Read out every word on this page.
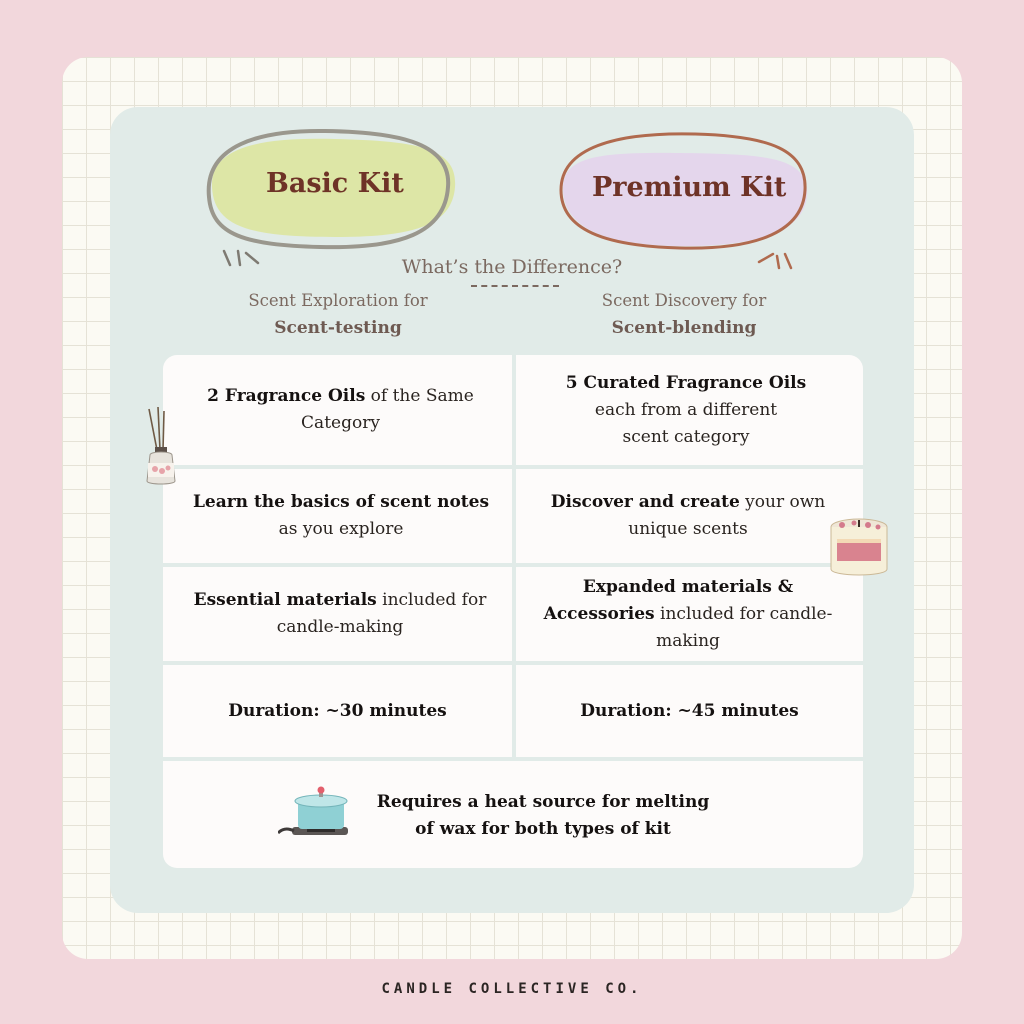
Basic Kit	Premium Kit
What’s the Difference?
Scent Exploration for
Scent-testing
Scent Discovery for
Scent-blending
2 Fragrance Oils of the Same Category
5 Curated Fragrance Oils
each from a different scent category
Learn the basics of scent notes as you explore
Discover and create your own unique scents
Essential materials included for candle-making
Expanded materials &
Accessories included for candle-making
Duration: ~30 minutes	Duration: ~45 minutes
Requires a heat source for melting
of wax for both types of kit
CANDLE COLLECTIVE CO.
